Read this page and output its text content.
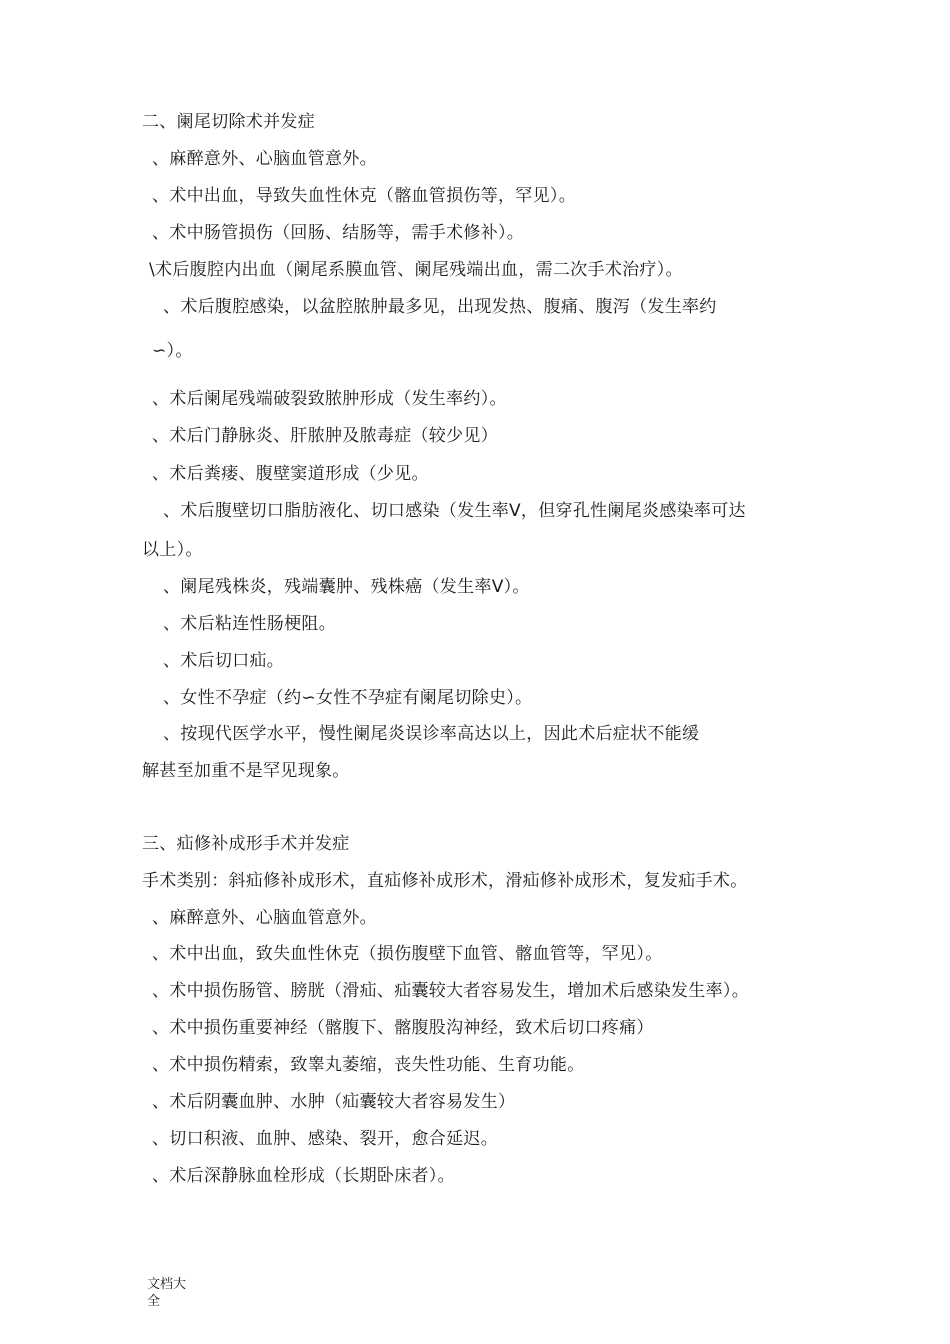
二、阑尾切除术并发症
、麻醉意外、心脑血管意外。
、术中出血，导致失血性休克（髂血管损伤等，罕见）。
、术中肠管损伤（回肠、结肠等，需手术修补）。
\术后腹腔内出血（阑尾系膜血管、阑尾残端出血，需二次手术治疗）。
、术后腹腔感染，以盆腔脓肿最多见，出现发热、腹痛、腹泻（发生率约
∽）。
、术后阑尾残端破裂致脓肿形成（发生率约）。
、术后门静脉炎、肝脓肿及脓毒症（较少见）
、术后粪瘘、腹壁窦道形成（少见。
、术后腹壁切口脂肪液化、切口感染（发生率Ⅴ，但穿孔性阑尾炎感染率可达
以上）。
、阑尾残株炎，残端囊肿、残株癌（发生率Ⅴ）。
、术后粘连性肠梗阻。
、术后切口疝。
、女性不孕症（约∽女性不孕症有阑尾切除史）。
、按现代医学水平，慢性阑尾炎误诊率高达以上，因此术后症状不能缓
解甚至加重不是罕见现象。
三、疝修补成形手术并发症
手术类别：斜疝修补成形术，直疝修补成形术，滑疝修补成形术，复发疝手术。
、麻醉意外、心脑血管意外。
、术中出血，致失血性休克（损伤腹壁下血管、髂血管等，罕见）。
、术中损伤肠管、膀胱（滑疝、疝囊较大者容易发生，增加术后感染发生率）。
、术中损伤重要神经（髂腹下、髂腹股沟神经，致术后切口疼痛）
、术中损伤精索，致睾丸萎缩，丧失性功能、生育功能。
、术后阴囊血肿、水肿（疝囊较大者容易发生）
、切口积液、血肿、感染、裂开，愈合延迟。
、术后深静脉血栓形成（长期卧床者）。
文档大全
